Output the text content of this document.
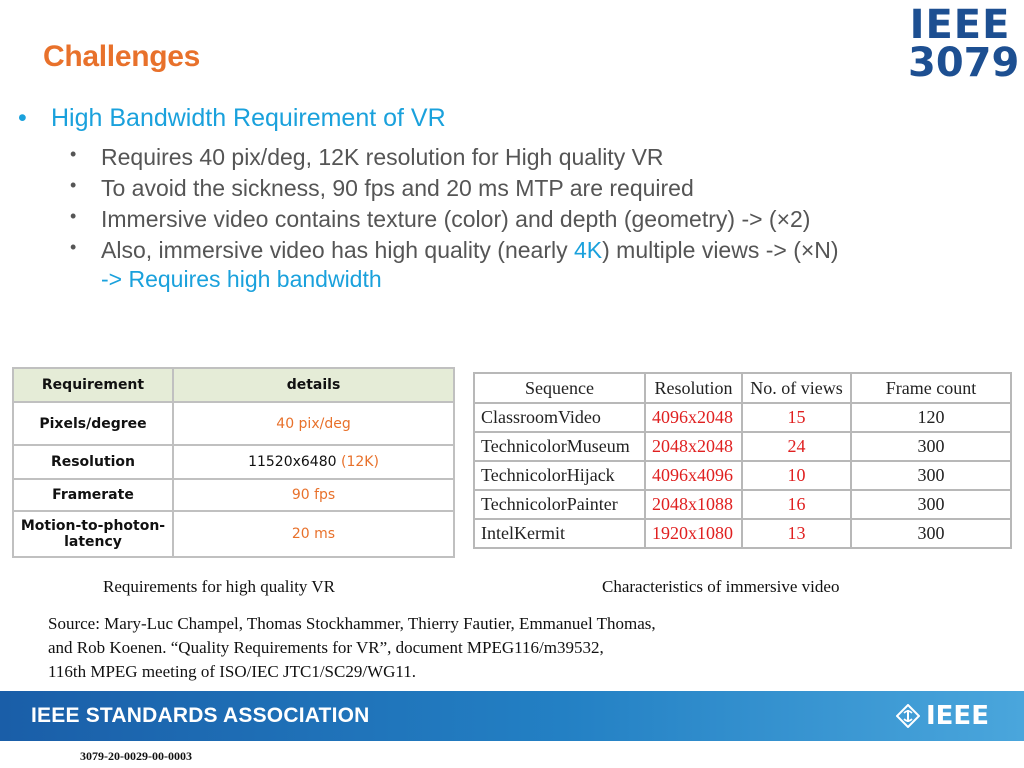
Challenges
IEEE
3079
• High Bandwidth Requirement of VR
• Requires 40 pix/deg, 12K resolution for High quality VR
• To avoid the sickness, 90 fps and 20 ms MTP are required
• Immersive video contains texture (color) and depth (geometry) -> (×2)
• Also, immersive video has high quality (nearly 4K) multiple views -> (×N)
-> Requires high bandwidth
Requirement	details
Pixels/degree	40 pix/deg
Resolution	11520x6480 (12K)
Framerate	90 fps
Motion-to-photon-
latency	20 ms
Sequence	Resolution	No. of views	Frame count
ClassroomVideo	4096x2048	15	120
TechnicolorMuseum	2048x2048	24	300
TechnicolorHijack	4096x4096	10	300
TechnicolorPainter	2048x1088	16	300
IntelKermit	1920x1080	13	300
Requirements for high quality VR	Characteristics of immersive video
Source: Mary-Luc Champel, Thomas Stockhammer, Thierry Fautier, Emmanuel Thomas,
and Rob Koenen. “Quality Requirements for VR”, document MPEG116/m39532,
116th MPEG meeting of ISO/IEC JTC1/SC29/WG11.
IEEE STANDARDS ASSOCIATION	IEEE
3079-20-0029-00-0003
